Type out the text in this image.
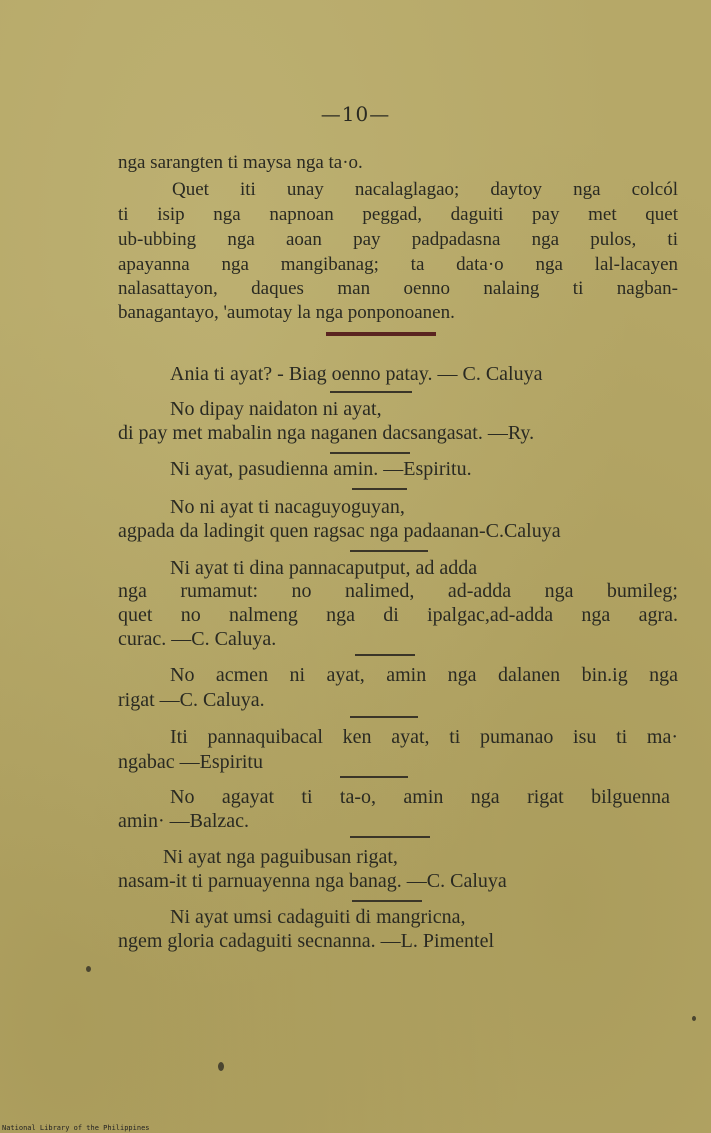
—10—
nga sarangten ti maysa nga ta·o.
Quet iti unay nacalaglagao; daytoy nga colcól
ti isip nga napnoan peggad, daguiti pay met quet
ub-ubbing nga aoan pay padpadasna nga pulos, ti
apayanna nga mangibanag; ta data·o nga lal-lacayen
nalasattayon, daques man oenno nalaing ti nagban-
banagantayo, 'aumotay la nga ponponoanen.
Ania ti ayat? - Biag oenno patay. — C. Caluya
No dipay naidaton ni ayat,
di pay met mabalin nga naganen dacsangasat. —Ry.
Ni ayat, pasudienna amin. —Espiritu.
No ni ayat ti nacaguyoguyan,
agpada da ladingit quen ragsac nga padaanan-C.Caluya
Ni ayat ti dina pannacaputput, ad adda
nga rumamut: no nalimed, ad-adda nga bumileg;
quet no nalmeng nga di ipalgac,ad-adda nga agra.
curac. —C. Caluya.
No acmen ni ayat, amin nga dalanen bin.ig nga
rigat —C. Caluya.
Iti pannaquibacal ken ayat, ti pumanao isu ti ma·
ngabac —Espiritu
No agayat ti ta-o, amin nga rigat bilguenna
amin· —Balzac.
Ni ayat nga paguibusan rigat,
nasam-it ti parnuayenna nga banag. —C. Caluya
Ni ayat umsi cadaguiti di mangricna,
ngem gloria cadaguiti secnanna. —L. Pimentel
National Library of the Philippines
